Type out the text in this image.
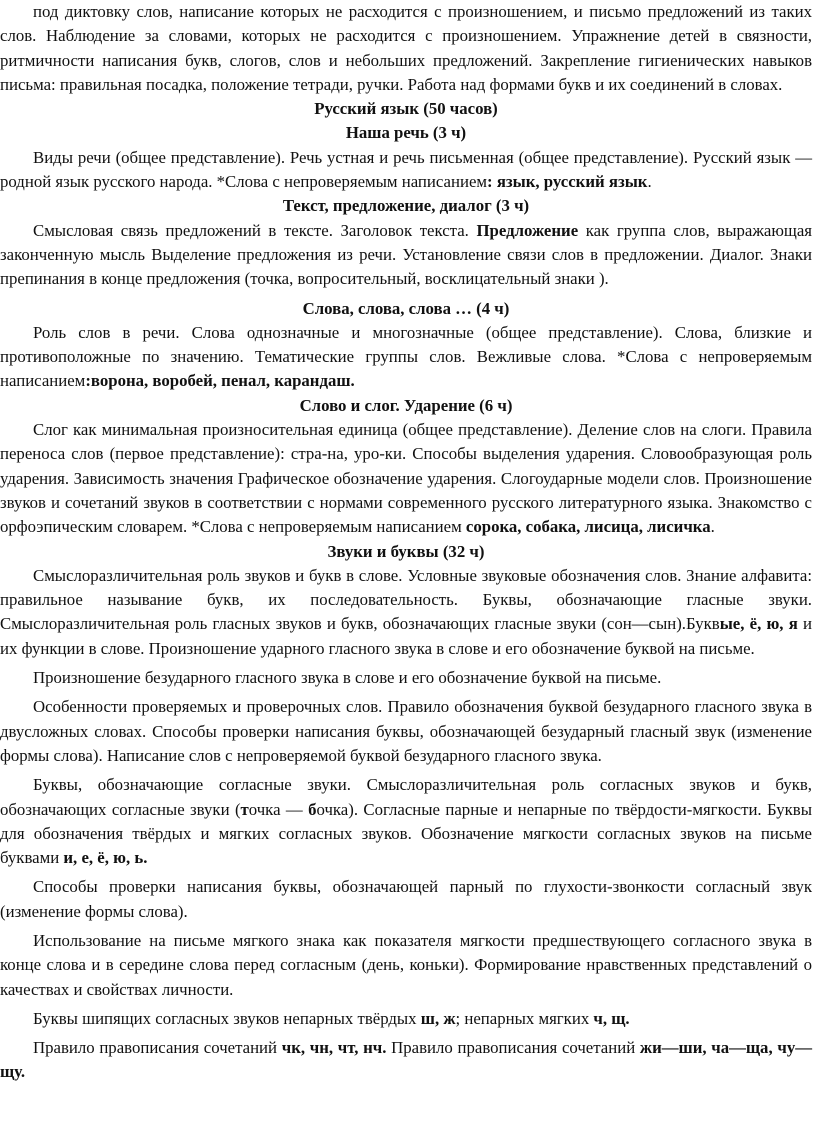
под диктовку слов, написание которых не расходится с произношением, и письмо предложений из таких слов. Наблюдение за словами, которых не расходится с произношением. Упражнение детей в связности, ритмичности написания букв, слогов, слов и небольших предложений. Закрепление гигиенических навыков письма: правильная посадка, положение тетради, ручки. Работа над формами букв и их соединений в словах.

Русский язык (50 часов)
Наша речь (3 ч)

Виды речи (общее представление). Речь устная и речь письменная (общее представление). Русский язык — родной язык русского народа. *Слова с непроверяемым написанием: язык, русский язык.

Текст, предложение, диалог (3 ч)

Смысловая связь предложений в тексте. Заголовок текста. Предложение как группа слов, выражающая законченную мысль Выделение предложения из речи. Установление связи слов в предложении. Диалог. Знаки препинания в конце предложения (точка, вопросительный, восклицательный знаки ).

Слова, слова, слова … (4 ч)

Роль слов в речи. Слова однозначные и многозначные (общее представление). Слова, близкие и противоположные по значению. Тематические группы слов. Вежливые слова. *Слова с непроверяемым написанием:ворона, воробей, пенал, карандаш.

Слово и слог. Ударение (6 ч)

Слог как минимальная произносительная единица (общее представление). Деление слов на слоги. Правила переноса слов (первое представление): стра-на, уро-ки. Способы выделения ударения. Словообразующая роль ударения. Зависимость значения Графическое обозначение ударения. Слогоударные модели слов. Произношение звуков и сочетаний звуков в соответствии с нормами современного русского литературного языка. Знакомство с орфоэпическим словарем. *Слова с непроверяемым написанием сорока, собака, лисица, лисичка.

Звуки и буквы (32 ч)

Смыслоразличительная роль звуков и букв в слове. Условные звуковые обозначения слов. Знание алфавита: правильное называние букв, их последовательность. Буквы, обозначающие гласные звуки. Смыслоразличительная роль гласных звуков и букв, обозначающих гласные звуки (сон—сын).Буквые, ё, ю, я и их функции в слове. Произношение ударного гласного звука в слове и его обозначение буквой на письме.

Произношение безударного гласного звука в слове и его обозначение буквой на письме.

Особенности проверяемых и проверочных слов. Правило обозначения буквой безударного гласного звука в двусложных словах. Способы проверки написания буквы, обозначающей безударный гласный звук (изменение формы слова). Написание слов с непроверяемой буквой безударного гласного звука.

Буквы, обозначающие согласные звуки. Смыслоразличительная роль согласных звуков и букв, обозначающих согласные звуки (точка — бочка). Согласные парные и непарные по твёрдости-мягкости. Буквы для обозначения твёрдых и мягких согласных звуков. Обозначение мягкости согласных звуков на письме буквами и, е, ё, ю, ь.

Способы проверки написания буквы, обозначающей парный по глухости-звонкости согласный звук (изменение формы слова).

Использование на письме мягкого знака как показателя мягкости предшествующего согласного звука в конце слова и в середине слова перед согласным (день, коньки). Формирование нравственных представлений о качествах и свойствах личности.

Буквы шипящих согласных звуков непарных твёрдых ш, ж; непарных мягких ч, щ.

Правило правописания сочетаний чк, чн, чт, нч. Правило правописания сочетаний жи—ши, ча—ща, чу—щу.
